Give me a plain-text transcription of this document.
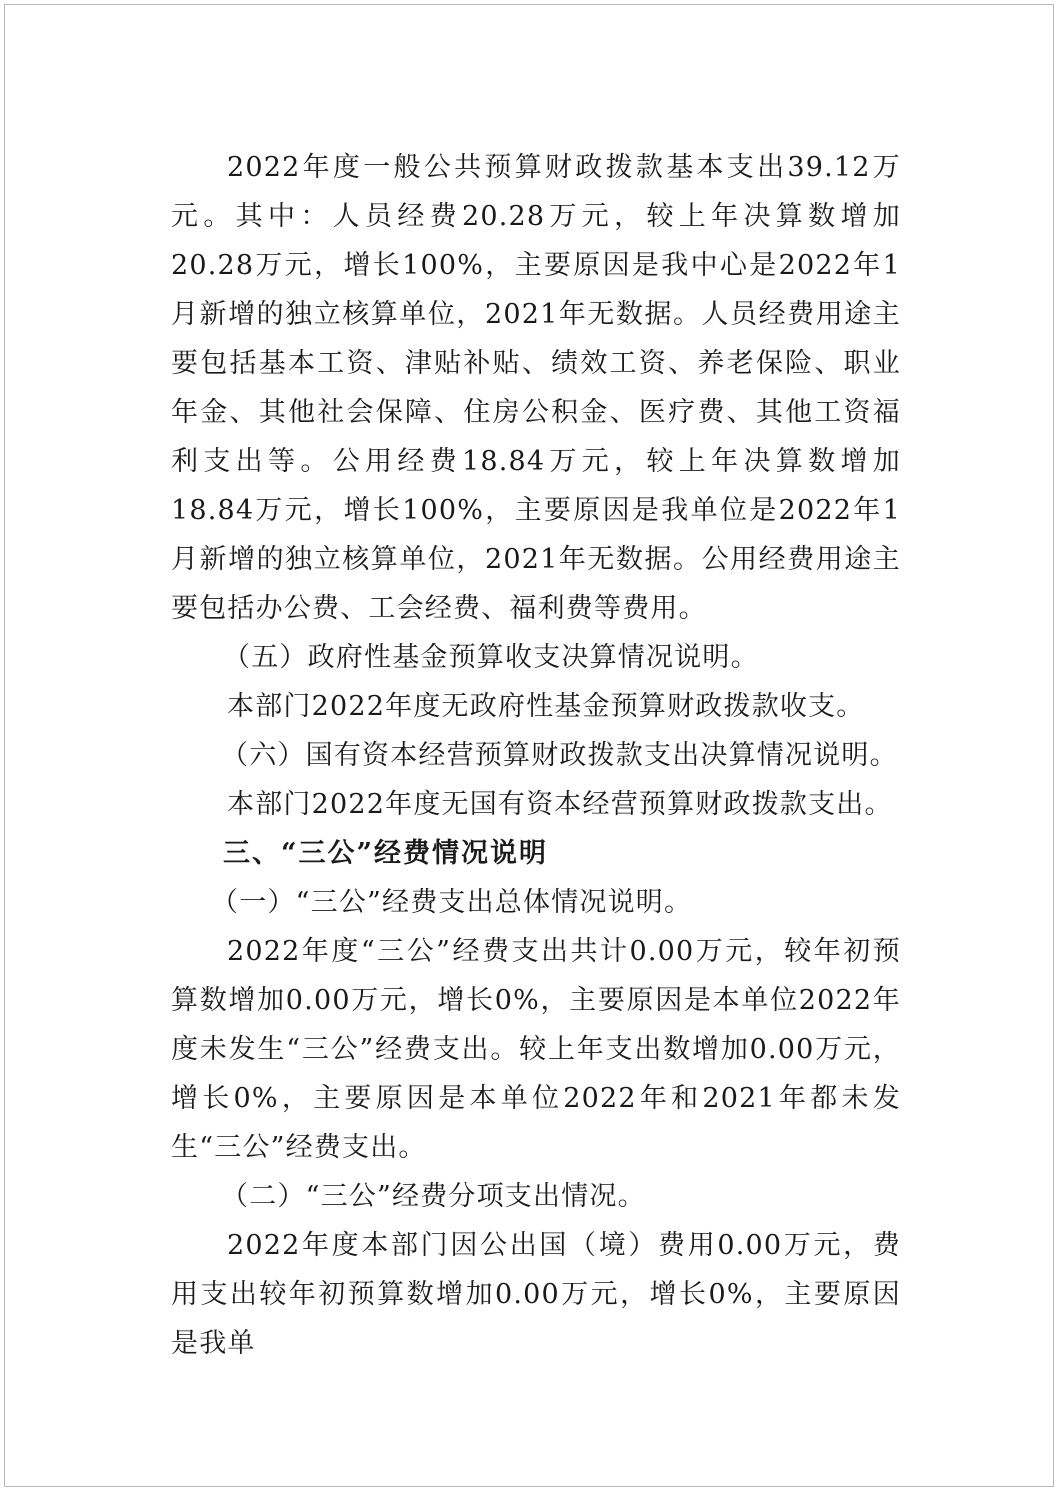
2022年度一般公共预算财政拨款基本支出39.12万元。其中：人员经费20.28万元，较上年决算数增加20.28万元，增长100%，主要原因是我中心是2022年1月新增的独立核算单位，2021年无数据。人员经费用途主要包括基本工资、津贴补贴、绩效工资、养老保险、职业年金、其他社会保障、住房公积金、医疗费、其他工资福利支出等。公用经费18.84万元，较上年决算数增加18.84万元，增长100%，主要原因是我单位是2022年1月新增的独立核算单位，2021年无数据。公用经费用途主要包括办公费、工会经费、福利费等费用。

（五）政府性基金预算收支决算情况说明。

本部门2022年度无政府性基金预算财政拨款收支。

（六）国有资本经营预算财政拨款支出决算情况说明。

本部门2022年度无国有资本经营预算财政拨款支出。

三、“三公”经费情况说明

（一）“三公”经费支出总体情况说明。

2022年度“三公”经费支出共计0.00万元，较年初预算数增加0.00万元，增长0%，主要原因是本单位2022年度未发生“三公”经费支出。较上年支出数增加0.00万元，增长0%，主要原因是本单位2022年和2021年都未发生“三公”经费支出。

（二）“三公”经费分项支出情况。

2022年度本部门因公出国（境）费用0.00万元，费用支出较年初预算数增加0.00万元，增长0%，主要原因是我单
